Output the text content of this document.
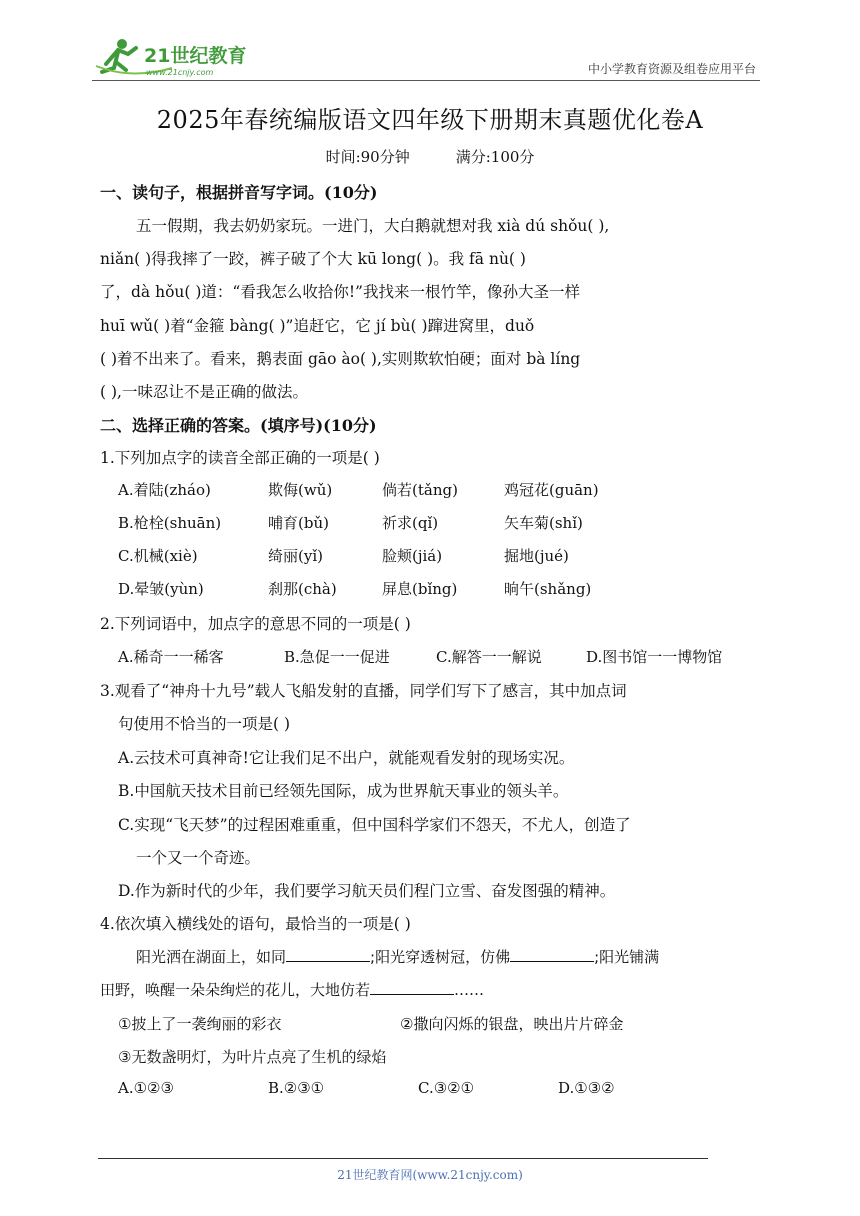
21世纪教育
www.21cnjy.com	中小学教育资源及组卷应用平台
2025年春统编版语文四年级下册期末真题优化卷A
时间:90分钟	满分:100分
一、读句子，根据拼音写字词。(10分)
五一假期，我去奶奶家玩。一进门，大白鹅就想对我 xià dú shǒu( ),
niǎn( )得我摔了一跤，裤子破了个大 kū long( )。我 fā nù( )
了，dà hǒu( )道：“看我怎么收拾你!”我找来一根竹竿，像孙大圣一样
huī wǔ( )着“金箍 bàng( )”追赶它，它 jí bù( )蹿进窝里，duǒ
( )着不出来了。看来，鹅表面 gāo ào( ),实则欺软怕硬；面对 bà líng
( ),一味忍让不是正确的做法。
二、选择正确的答案。(填序号)(10分)
1.下列加点字的读音全部正确的一项是( )
A.着陆(zháo)	欺侮(wǔ)	倘若(tǎng)	鸡冠花(guān)
B.枪栓(shuān)	哺育(bǔ)	祈求(qǐ)	矢车菊(shǐ)
C.机械(xiè)	绮丽(yǐ)	脸颊(jiá)	掘地(jué)
D.晕皱(yùn)	刹那(chà)	屏息(bǐng)	晌午(shǎng)
2.下列词语中，加点字的意思不同的一项是( )
A.稀奇一一稀客	B.急促一一促进	C.解答一一解说	D.图书馆一一博物馆
3.观看了“神舟十九号”载人飞船发射的直播，同学们写下了感言，其中加点词
句使用不恰当的一项是( )
A.云技术可真神奇!它让我们足不出户，就能观看发射的现场实况。
B.中国航天技术目前已经领先国际，成为世界航天事业的领头羊。
C.实现“飞天梦”的过程困难重重，但中国科学家们不怨天，不尤人，创造了
一个又一个奇迹。
D.作为新时代的少年，我们要学习航天员们程门立雪、奋发图强的精神。
4.依次填入横线处的语句，最恰当的一项是( )
阳光洒在湖面上，如同	;阳光穿透树冠，仿佛	;阳光铺满
田野，唤醒一朵朵绚烂的花儿，大地仿若	……
①披上了一袭绚丽的彩衣	②撒向闪烁的银盘，映出片片碎金
③无数盏明灯，为叶片点亮了生机的绿焰
A.①②③	B.②③①	C.③②①	D.①③②
21世纪教育网(www.21cnjy.com)
